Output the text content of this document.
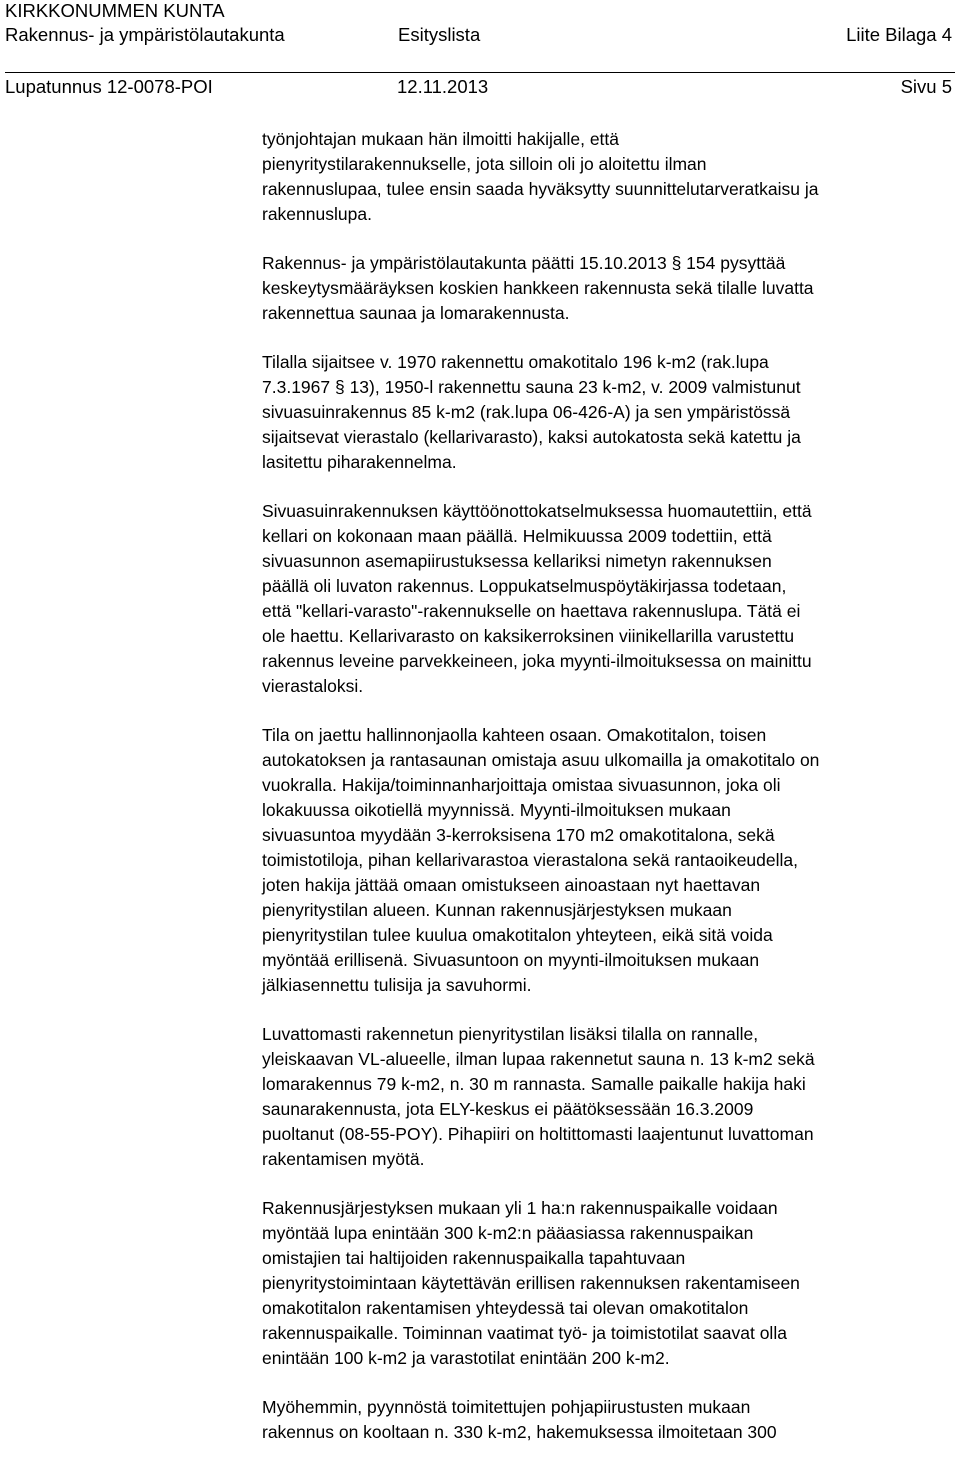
KIRKKONUMMEN KUNTA
Rakennus- ja ympäristölautakunta	Esityslista	Liite Bilaga 4
Lupatunnus 12-0078-POI	12.11.2013	Sivu 5

työnjohtajan mukaan hän ilmoitti hakijalle, että
pienyritystilarakennukselle, jota silloin oli jo aloitettu ilman
rakennuslupaa, tulee ensin saada hyväksytty suunnittelutarveratkaisu ja
rakennuslupa.

Rakennus- ja ympäristölautakunta päätti 15.10.2013 § 154 pysyttää
keskeytysmääräyksen koskien hankkeen rakennusta sekä tilalle luvatta
rakennettua saunaa ja lomarakennusta.

Tilalla sijaitsee v. 1970 rakennettu omakotitalo 196 k-m2 (rak.lupa
7.3.1967 § 13), 1950-l rakennettu sauna 23 k-m2, v. 2009 valmistunut
sivuasuinrakennus 85 k-m2 (rak.lupa 06-426-A) ja sen ympäristössä
sijaitsevat vierastalo (kellarivarasto), kaksi autokatosta sekä katettu ja
lasitettu piharakennelma.

Sivuasuinrakennuksen käyttöönottokatselmuksessa huomautettiin, että
kellari on kokonaan maan päällä. Helmikuussa 2009 todettiin, että
sivuasunnon asemapiirustuksessa kellariksi nimetyn rakennuksen
päällä oli luvaton rakennus. Loppukatselmuspöytäkirjassa todetaan,
että "kellari-varasto"-rakennukselle on haettava rakennuslupa. Tätä ei
ole haettu. Kellarivarasto on kaksikerroksinen viinikellarilla varustettu
rakennus leveine parvekkeineen, joka myynti-ilmoituksessa on mainittu
vierastaloksi.

Tila on jaettu hallinnonjaolla kahteen osaan. Omakotitalon, toisen
autokatoksen ja rantasaunan omistaja asuu ulkomailla ja omakotitalo on
vuokralla. Hakija/toiminnanharjoittaja omistaa sivuasunnon, joka oli
lokakuussa oikotiellä myynnissä. Myynti-ilmoituksen mukaan
sivuasuntoa myydään 3-kerroksisena 170 m2 omakotitalona, sekä
toimistotiloja, pihan kellarivarastoa vierastalona sekä rantaoikeudella,
joten hakija jättää omaan omistukseen ainoastaan nyt haettavan
pienyritystilan alueen. Kunnan rakennusjärjestyksen mukaan
pienyritystilan tulee kuulua omakotitalon yhteyteen, eikä sitä voida
myöntää erillisenä. Sivuasuntoon on myynti-ilmoituksen mukaan
jälkiasennettu tulisija ja savuhormi.

Luvattomasti rakennetun pienyritystilan lisäksi tilalla on rannalle,
yleiskaavan VL-alueelle, ilman lupaa rakennetut sauna n. 13 k-m2 sekä
lomarakennus 79 k-m2, n. 30 m rannasta. Samalle paikalle hakija haki
saunarakennusta, jota ELY-keskus ei päätöksessään 16.3.2009
puoltanut (08-55-POY). Pihapiiri on holtittomasti laajentunut luvattoman
rakentamisen myötä.

Rakennusjärjestyksen mukaan yli 1 ha:n rakennuspaikalle voidaan
myöntää lupa enintään 300 k-m2:n pääasiassa rakennuspaikan
omistajien tai haltijoiden rakennuspaikalla tapahtuvaan
pienyritystoimintaan käytettävän erillisen rakennuksen rakentamiseen
omakotitalon rakentamisen yhteydessä tai olevan omakotitalon
rakennuspaikalle. Toiminnan vaatimat työ- ja toimistotilat saavat olla
enintään 100 k-m2 ja varastotilat enintään 200 k-m2.

Myöhemmin, pyynnöstä toimitettujen pohjapiirustusten mukaan
rakennus on kooltaan n. 330 k-m2, hakemuksessa ilmoitetaan 300
